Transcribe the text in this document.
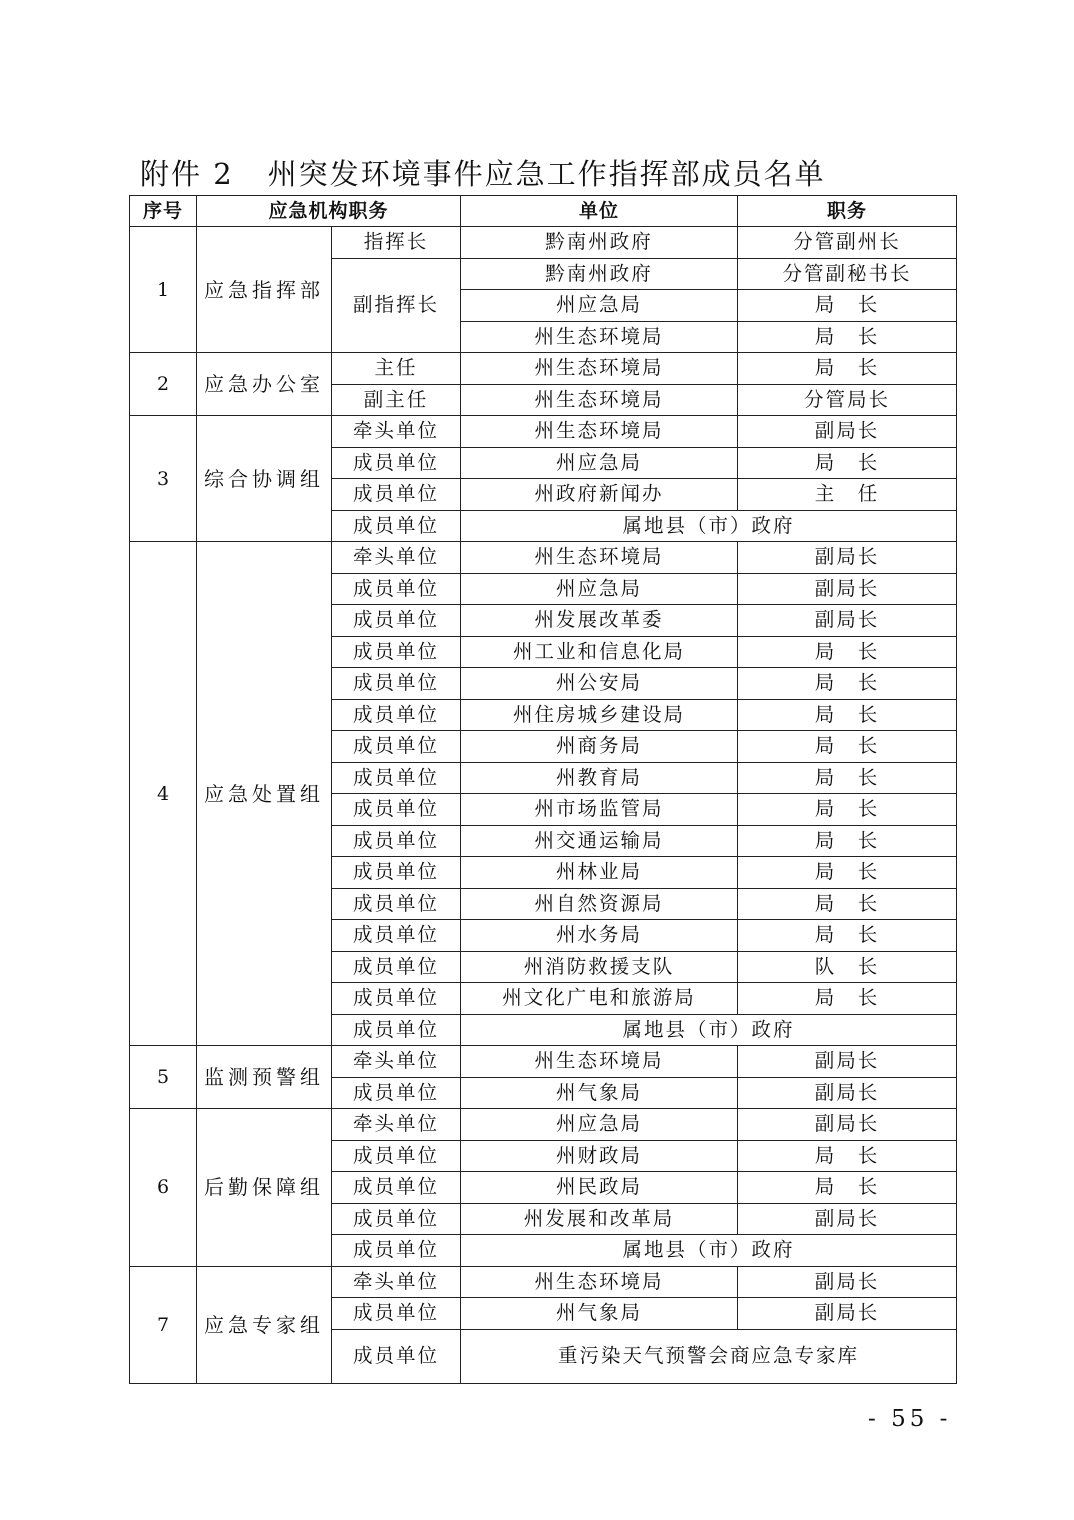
附件 2 州突发环境事件应急工作指挥部成员名单
序号	应急机构职务		单位	职务
1	应急指挥部	指挥长	黔南州政府	分管副州长
		副指挥长	黔南州政府	分管副秘书长
			州应急局	局　长
			州生态环境局	局　长
2	应急办公室	主任	州生态环境局	局　长
		副主任	州生态环境局	分管局长
3	综合协调组	牵头单位	州生态环境局	副局长
		成员单位	州应急局	局　长
		成员单位	州政府新闻办	主　任
		成员单位	属地县（市）政府	
4	应急处置组	牵头单位	州生态环境局	副局长
		成员单位	州应急局	副局长
		成员单位	州发展改革委	副局长
		成员单位	州工业和信息化局	局　长
		成员单位	州公安局	局　长
		成员单位	州住房城乡建设局	局　长
		成员单位	州商务局	局　长
		成员单位	州教育局	局　长
		成员单位	州市场监管局	局　长
		成员单位	州交通运输局	局　长
		成员单位	州林业局	局　长
		成员单位	州自然资源局	局　长
		成员单位	州水务局	局　长
		成员单位	州消防救援支队	队　长
		成员单位	州文化广电和旅游局	局　长
		成员单位	属地县（市）政府	
5	监测预警组	牵头单位	州生态环境局	副局长
		成员单位	州气象局	副局长
6	后勤保障组	牵头单位	州应急局	副局长
		成员单位	州财政局	局　长
		成员单位	州民政局	局　长
		成员单位	州发展和改革局	副局长
		成员单位	属地县（市）政府	
7	应急专家组	牵头单位	州生态环境局	副局长
		成员单位	州气象局	副局长
		成员单位	重污染天气预警会商应急专家库	
- 55 -
